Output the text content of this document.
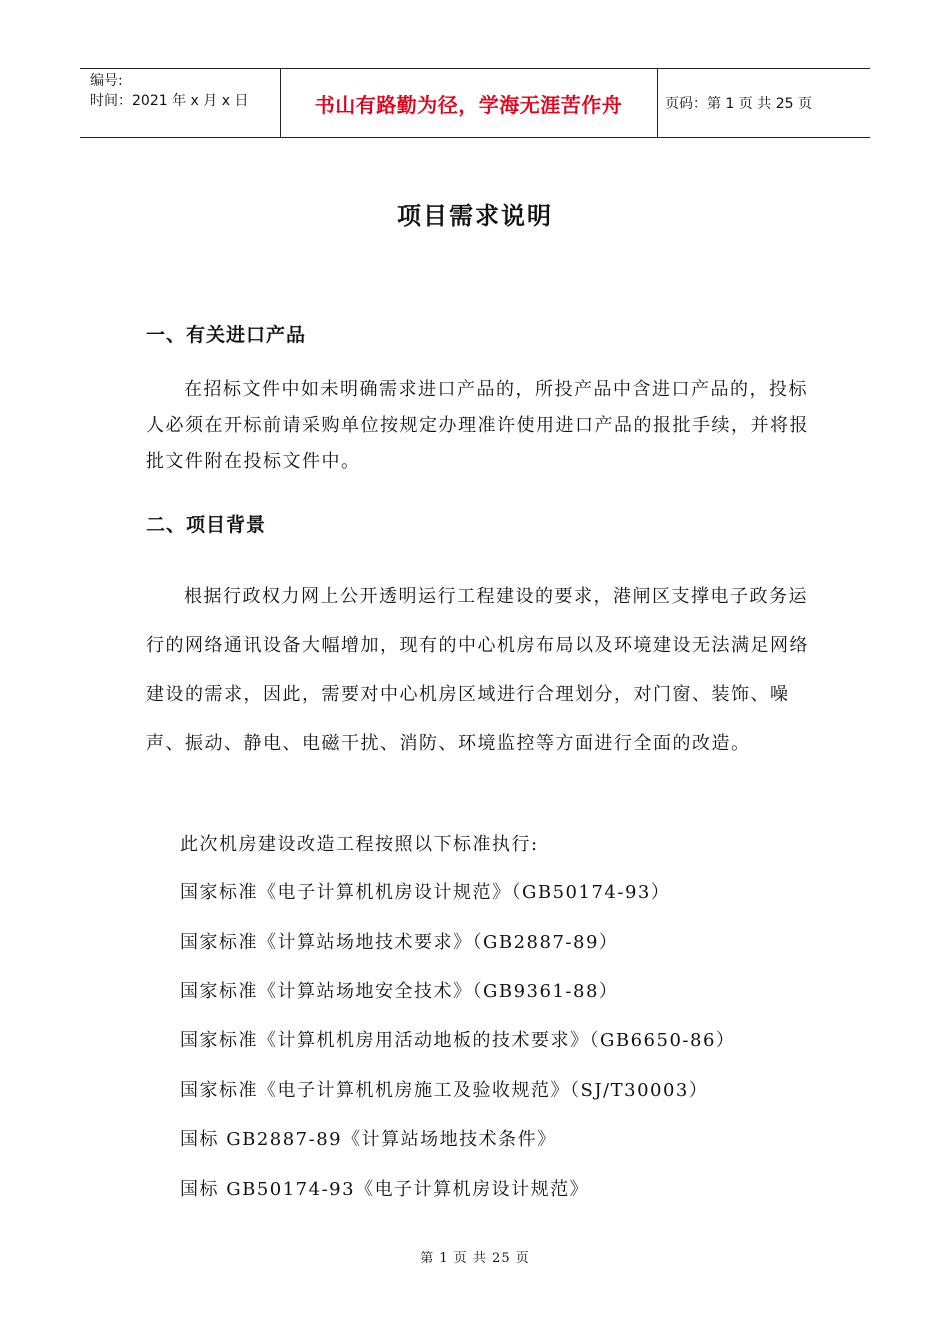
编号:
时间：2021 年 x 月 x 日	书山有路勤为径，学海无涯苦作舟	页码：第 1 页 共 25 页
项目需求说明
一、有关进口产品
在招标文件中如未明确需求进口产品的，所投产品中含进口产品的，投标人必须在开标前请采购单位按规定办理准许使用进口产品的报批手续，并将报批文件附在投标文件中。
二、项目背景
根据行政权力网上公开透明运行工程建设的要求，港闸区支撑电子政务运行的网络通讯设备大幅增加，现有的中心机房布局以及环境建设无法满足网络建设的需求，因此，需要对中心机房区域进行合理划分，对门窗、装饰、噪声、振动、静电、电磁干扰、消防、环境监控等方面进行全面的改造。
此次机房建设改造工程按照以下标准执行:
国家标准《电子计算机机房设计规范》（GB50174-93）
国家标准《计算站场地技术要求》（GB2887-89）
国家标准《计算站场地安全技术》（GB9361-88）
国家标准《计算机机房用活动地板的技术要求》（GB6650-86）
国家标准《电子计算机机房施工及验收规范》（SJ/T30003）
国标 GB2887-89《计算站场地技术条件》
国标 GB50174-93《电子计算机房设计规范》
第 1 页 共 25 页
